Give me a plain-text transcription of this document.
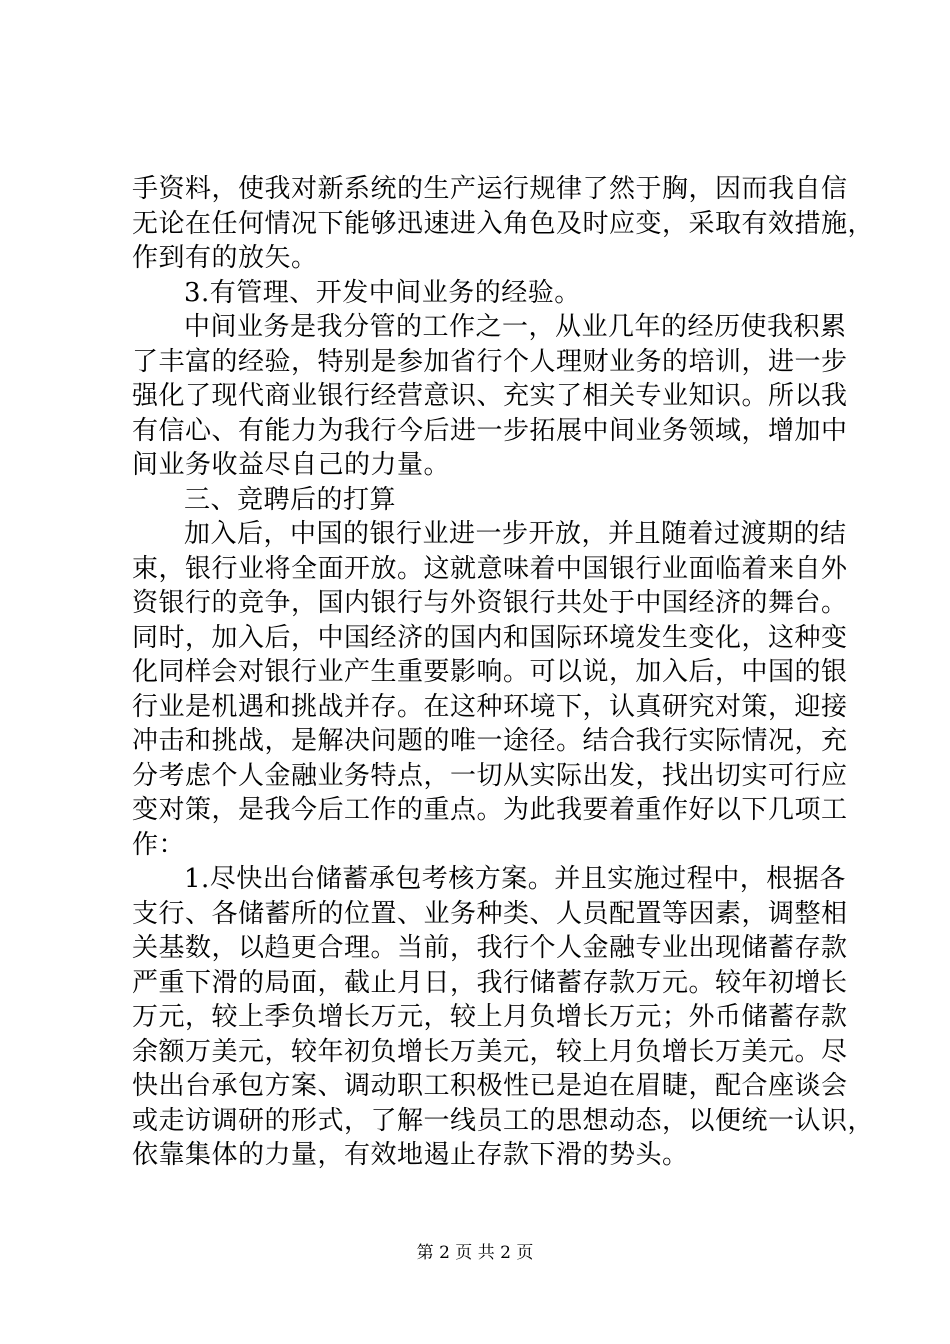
手资料，使我对新系统的生产运行规律了然于胸，因而我自信
无论在任何情况下能够迅速进入角色及时应变，采取有效措施，
作到有的放矢。
3.有管理、开发中间业务的经验。
中间业务是我分管的工作之一，从业几年的经历使我积累
了丰富的经验，特别是参加省行个人理财业务的培训，进一步
强化了现代商业银行经营意识、充实了相关专业知识。所以我
有信心、有能力为我行今后进一步拓展中间业务领域，增加中
间业务收益尽自己的力量。
三、竞聘后的打算
加入后，中国的银行业进一步开放，并且随着过渡期的结
束，银行业将全面开放。这就意味着中国银行业面临着来自外
资银行的竞争，国内银行与外资银行共处于中国经济的舞台。
同时，加入后，中国经济的国内和国际环境发生变化，这种变
化同样会对银行业产生重要影响。可以说，加入后，中国的银
行业是机遇和挑战并存。在这种环境下，认真研究对策，迎接
冲击和挑战，是解决问题的唯一途径。结合我行实际情况，充
分考虑个人金融业务特点，一切从实际出发，找出切实可行应
变对策，是我今后工作的重点。为此我要着重作好以下几项工
作：
1.尽快出台储蓄承包考核方案。并且实施过程中，根据各
支行、各储蓄所的位置、业务种类、人员配置等因素，调整相
关基数，以趋更合理。当前，我行个人金融专业出现储蓄存款
严重下滑的局面，截止月日，我行储蓄存款万元。较年初增长
万元，较上季负增长万元，较上月负增长万元；外币储蓄存款
余额万美元，较年初负增长万美元，较上月负增长万美元。尽
快出台承包方案、调动职工积极性已是迫在眉睫，配合座谈会
或走访调研的形式，了解一线员工的思想动态，以便统一认识，
依靠集体的力量，有效地遏止存款下滑的势头。
第 2 页 共 2 页
